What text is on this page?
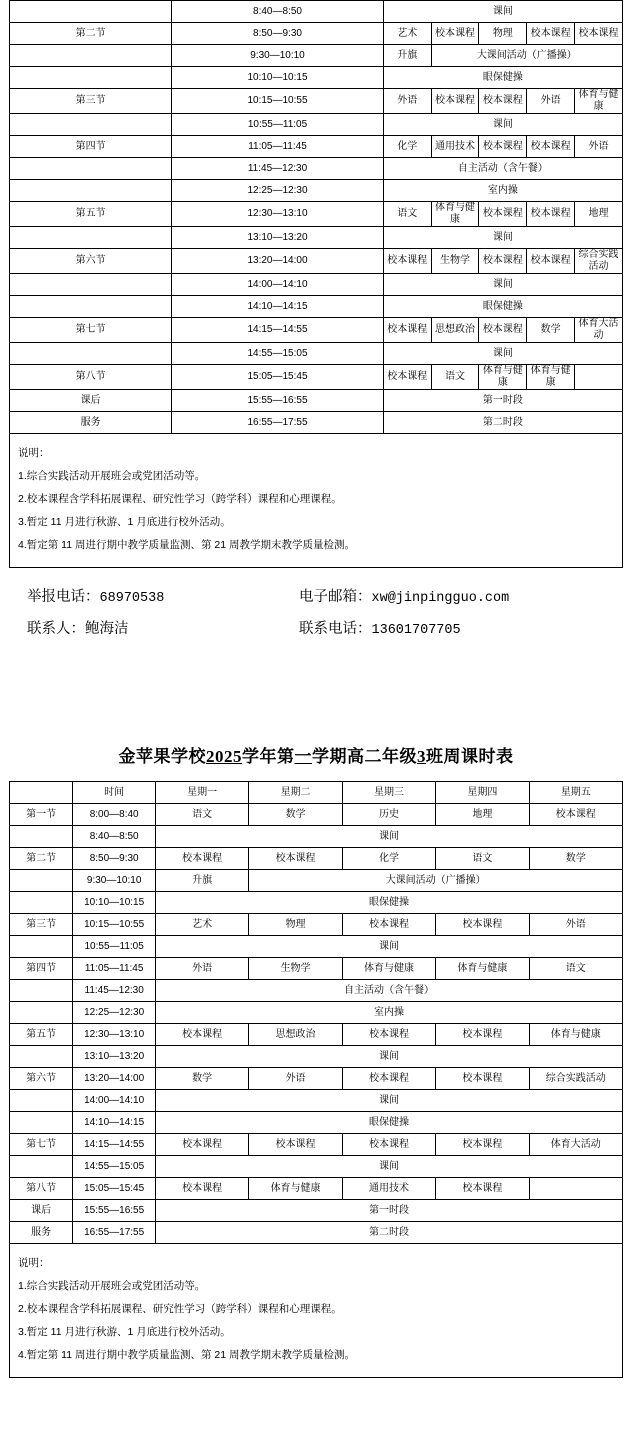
	8:40—8:50	课间				
第二节	8:50—9:30	艺术	校本课程	物理	校本课程	校本课程
	9:30—10:10	升旗	大课间活动（广播操）			
	10:10—10:15	眼保健操				
第三节	10:15—10:55	外语	校本课程	校本课程	外语	体育与健康
	10:55—11:05	课间				
第四节	11:05—11:45	化学	通用技术	校本课程	校本课程	外语
	11:45—12:30	自主活动（含午餐）				
	12:25—12:30	室内操				
第五节	12:30—13:10	语文	体育与健康	校本课程	校本课程	地理
	13:10—13:20	课间				
第六节	13:20—14:00	校本课程	生物学	校本课程	校本课程	综合实践活动
	14:00—14:10	课间				
	14:10—14:15	眼保健操				
第七节	14:15—14:55	校本课程	思想政治	校本课程	数学	体育大活动
	14:55—15:05	课间				
第八节	15:05—15:45	校本课程	语文	体育与健康	体育与健康	
课后	15:55—16:55	第一时段				
服务	16:55—17:55	第二时段				
说明：
1.综合实践活动开展班会或党团活动等。
2.校本课程含学科拓展课程、研究性学习（跨学科）课程和心理课程。
3.暂定 11 月进行秋游、1 月底进行校外活动。
4.暂定第 11 周进行期中教学质量监测、第 21 周教学期末教学质量检测。
举报电话：68970538	电子邮箱：xw@jinpingguo.com
联系人：鲍海洁	联系电话：13601707705
金苹果学校2025学年第一学期高二年级3班周课时表
	时间	星期一	星期二	星期三	星期四	星期五
第一节	8:00—8:40	语文	数学	历史	地理	校本课程
	8:40—8:50	课间				
第二节	8:50—9:30	校本课程	校本课程	化学	语文	数学
	9:30—10:10	升旗	大课间活动（广播操）			
	10:10—10:15	眼保健操				
第三节	10:15—10:55	艺术	物理	校本课程	校本课程	外语
	10:55—11:05	课间				
第四节	11:05—11:45	外语	生物学	体育与健康	体育与健康	语文
	11:45—12:30	自主活动（含午餐）				
	12:25—12:30	室内操				
第五节	12:30—13:10	校本课程	思想政治	校本课程	校本课程	体育与健康
	13:10—13:20	课间				
第六节	13:20—14:00	数学	外语	校本课程	校本课程	综合实践活动
	14:00—14:10	课间				
	14:10—14:15	眼保健操				
第七节	14:15—14:55	校本课程	校本课程	校本课程	校本课程	体育大活动
	14:55—15:05	课间				
第八节	15:05—15:45	校本课程	体育与健康	通用技术	校本课程	
课后	15:55—16:55	第一时段				
服务	16:55—17:55	第二时段				
说明：
1.综合实践活动开展班会或党团活动等。
2.校本课程含学科拓展课程、研究性学习（跨学科）课程和心理课程。
3.暂定 11 月进行秋游、1 月底进行校外活动。
4.暂定第 11 周进行期中教学质量监测、第 21 周教学期末教学质量检测。
